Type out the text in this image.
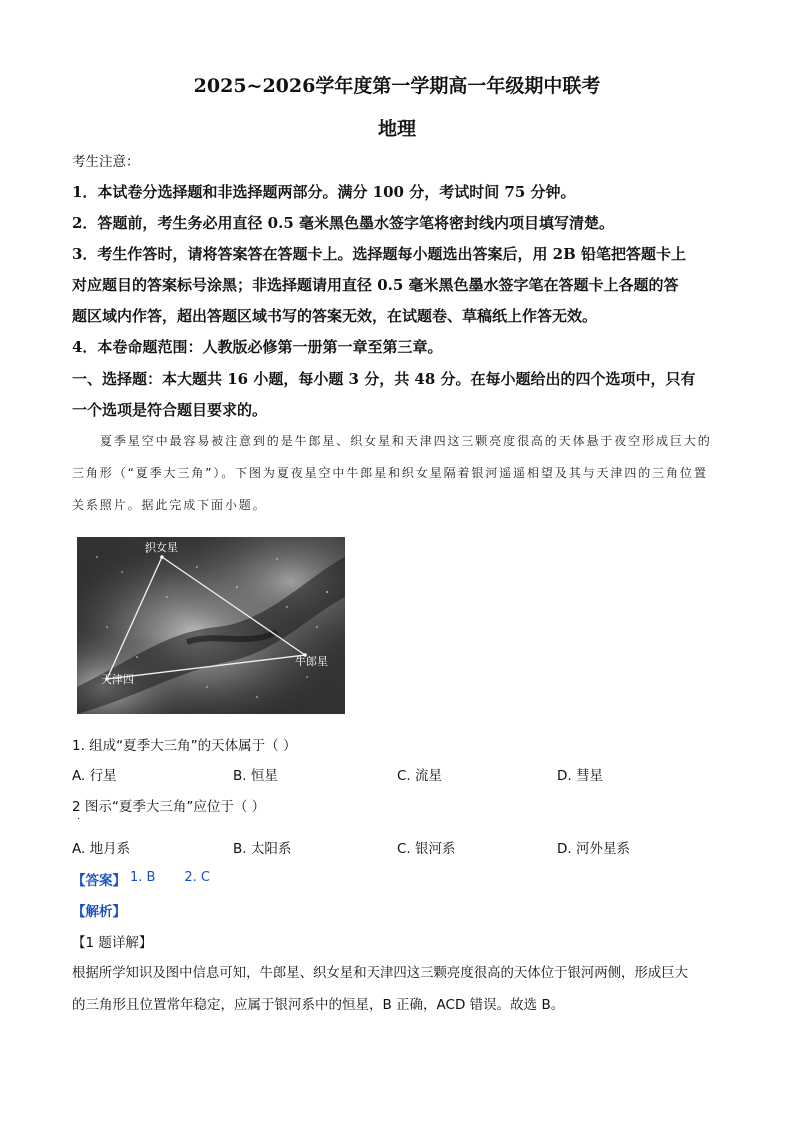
2025~2026学年度第一学期高一年级期中联考
地理
考生注意：
1．本试卷分选择题和非选择题两部分。满分 100 分，考试时间 75 分钟。
2．答题前，考生务必用直径 0.5 毫米黑色墨水签字笔将密封线内项目填写清楚。
3．考生作答时，请将答案答在答题卡上。选择题每小题选出答案后，用 2B 铅笔把答题卡上
对应题目的答案标号涂黑；非选择题请用直径 0.5 毫米黑色墨水签字笔在答题卡上各题的答
题区域内作答，超出答题区域书写的答案无效，在试题卷、草稿纸上作答无效。
4．本卷命题范围：人教版必修第一册第一章至第三章。
一、选择题：本大题共 16 小题，每小题 3 分，共 48 分。在每小题给出的四个选项中，只有
一个选项是符合题目要求的。
夏季星空中最容易被注意到的是牛郎星、织女星和天津四这三颗亮度很高的天体悬于夜空形成巨大的
三角形（“夏季大三角”）。下图为夏夜星空中牛郎星和织女星隔着银河遥遥相望及其与天津四的三角位置
关系照片。据此完成下面小题。
织女星
牛郎星
天津四
1. 组成“夏季大三角”的天体属于（ ）
A. 行星	B. 恒星	C. 流星	D. 彗星
2 图示“夏季大三角”应位于（ ）
·
A. 地月系	B. 太阳系	C. 银河系	D. 河外星系
【答案】 1. B       2. C
【解析】
【1 题详解】
根据所学知识及图中信息可知，牛郎星、织女星和天津四这三颗亮度很高的天体位于银河两侧，形成巨大
的三角形且位置常年稳定，应属于银河系中的恒星，B 正确，ACD 错误。故选 B。
